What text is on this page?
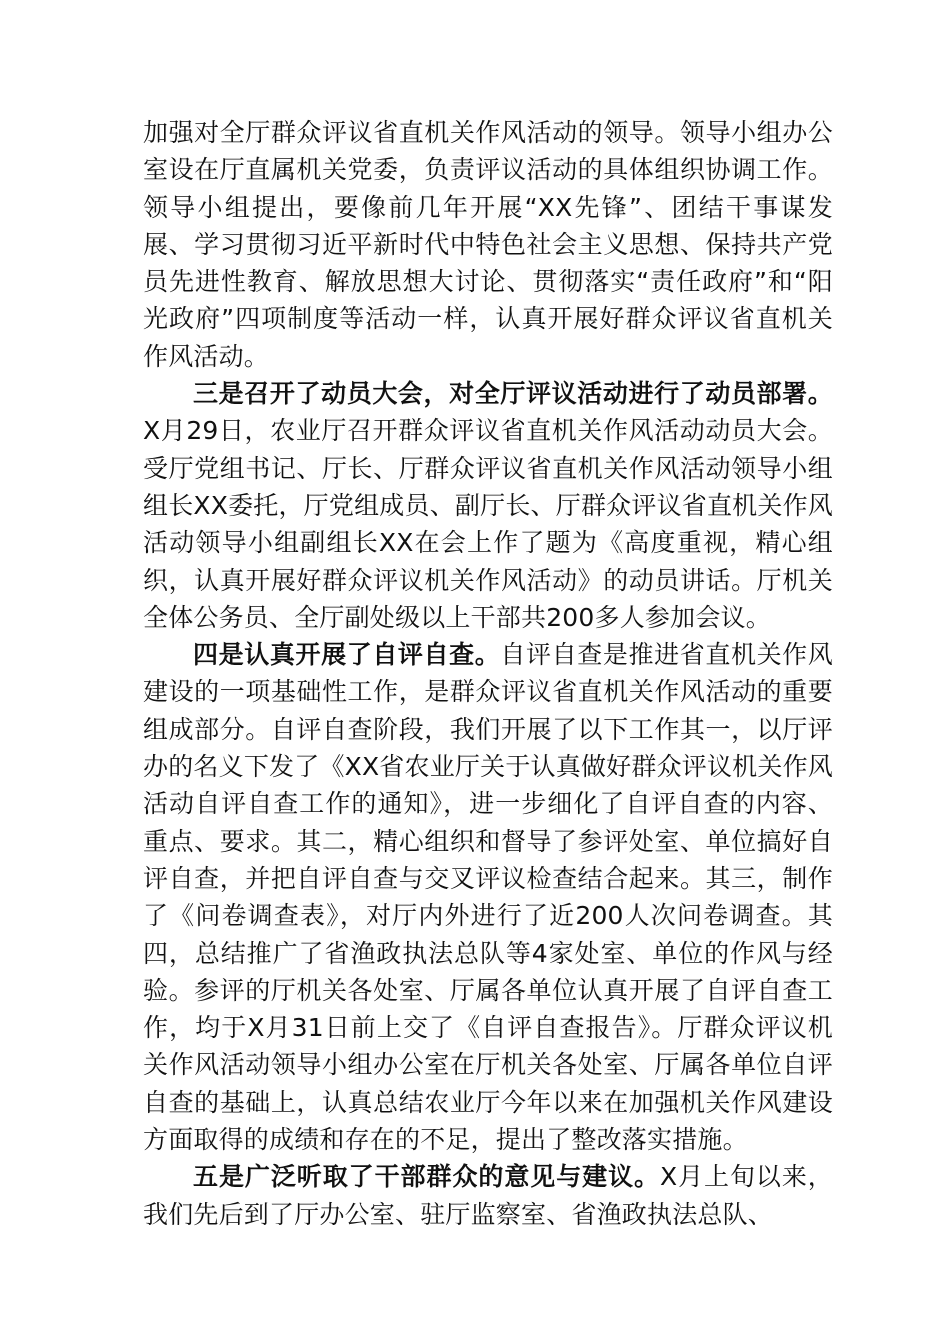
加强对全厅群众评议省直机关作风活动的领导。领导小组办公室设在厅直属机关党委，负责评议活动的具体组织协调工作。领导小组提出，要像前几年开展“XX先锋”、团结干事谋发展、学习贯彻习近平新时代中特色社会主义思想、保持共产党员先进性教育、解放思想大讨论、贯彻落实“责任政府”和“阳光政府”四项制度等活动一样，认真开展好群众评议省直机关作风活动。

三是召开了动员大会，对全厅评议活动进行了动员部署。X月29日，农业厅召开群众评议省直机关作风活动动员大会。受厅党组书记、厅长、厅群众评议省直机关作风活动领导小组组长XX委托，厅党组成员、副厅长、厅群众评议省直机关作风活动领导小组副组长XX在会上作了题为《高度重视，精心组织，认真开展好群众评议机关作风活动》的动员讲话。厅机关全体公务员、全厅副处级以上干部共200多人参加会议。

四是认真开展了自评自查。自评自查是推进省直机关作风建设的一项基础性工作，是群众评议省直机关作风活动的重要组成部分。自评自查阶段，我们开展了以下工作其一，以厅评办的名义下发了《XX省农业厅关于认真做好群众评议机关作风活动自评自查工作的通知》，进一步细化了自评自查的内容、重点、要求。其二，精心组织和督导了参评处室、单位搞好自评自查，并把自评自查与交叉评议检查结合起来。其三，制作了《问卷调查表》，对厅内外进行了近200人次问卷调查。其四，总结推广了省渔政执法总队等4家处室、单位的作风与经验。参评的厅机关各处室、厅属各单位认真开展了自评自查工作，均于X月31日前上交了《自评自查报告》。厅群众评议机关作风活动领导小组办公室在厅机关各处室、厅属各单位自评自查的基础上，认真总结农业厅今年以来在加强机关作风建设方面取得的成绩和存在的不足，提出了整改落实措施。

五是广泛听取了干部群众的意见与建议。X月上旬以来，我们先后到了厅办公室、驻厅监察室、省渔政执法总队、
